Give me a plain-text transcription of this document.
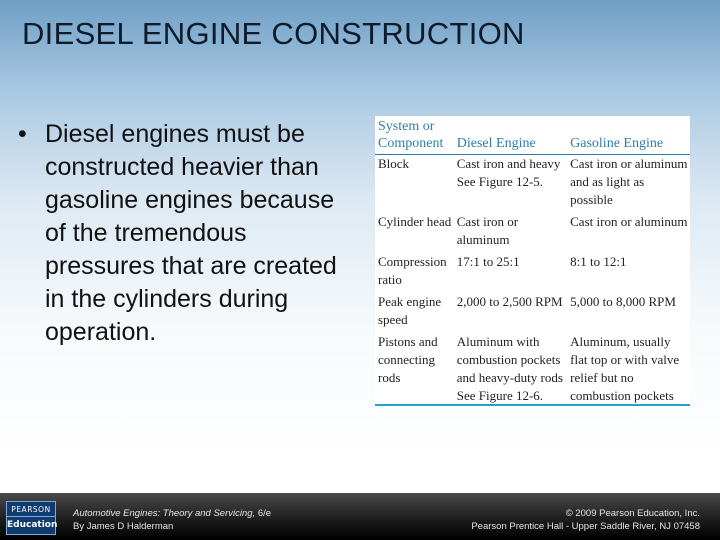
DIESEL ENGINE CONSTRUCTION
• Diesel engines must be constructed heavier than gasoline engines because of the tremendous pressures that are created in the cylinders during operation.
System or Component	Diesel Engine	Gasoline Engine
Block	Cast iron and heavy See Figure 12-5.	Cast iron or aluminum and as light as possible
Cylinder head	Cast iron or aluminum	Cast iron or aluminum
Compression ratio	17:1 to 25:1	8:1 to 12:1
Peak engine speed	2,000 to 2,500 RPM	5,000 to 8,000 RPM
Pistons and connecting rods	Aluminum with combustion pockets and heavy-duty rods See Figure 12-6.	Aluminum, usually flat top or with valve relief but no combustion pockets
PEARSON
Education
Automotive Engines: Theory and Servicing, 6/e
By James D Halderman
© 2009 Pearson Education, Inc.
Pearson Prentice Hall - Upper Saddle River, NJ 07458
